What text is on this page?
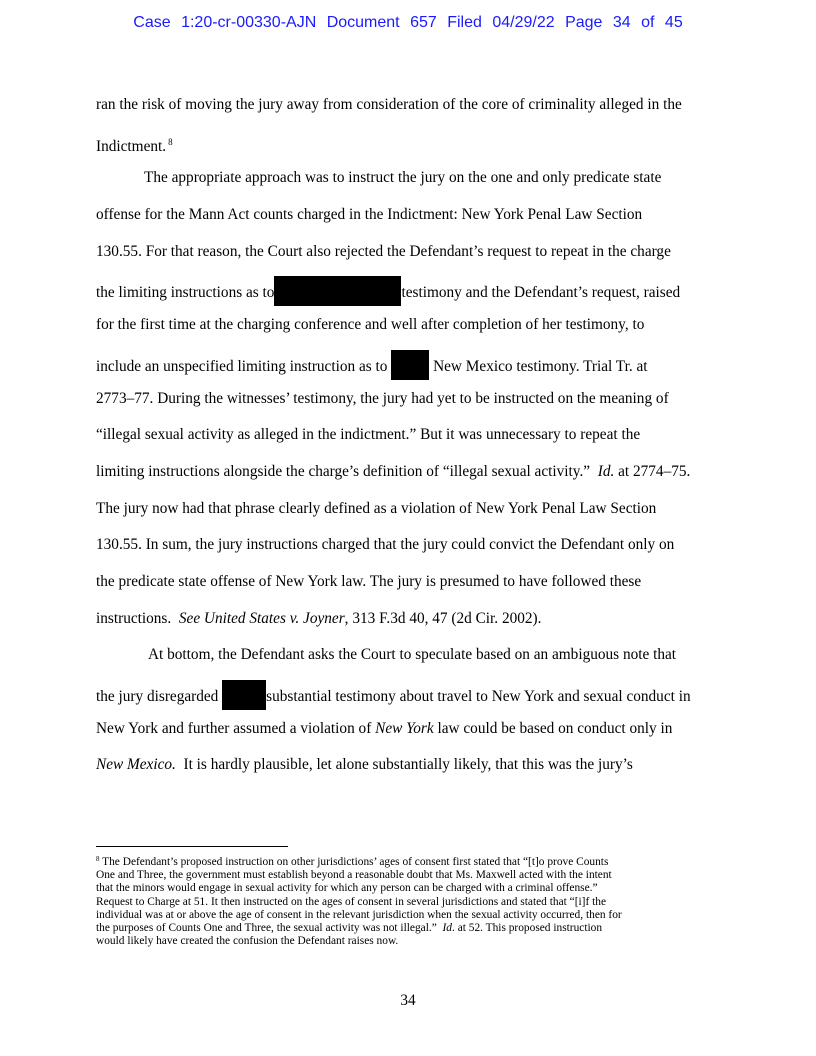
Case 1:20-cr-00330-AJN Document 657 Filed 04/29/22 Page 34 of 45
ran the risk of moving the jury away from consideration of the core of criminality alleged in the
Indictment. $^8$
The appropriate approach was to instruct the jury on the one and only predicate state
offense for the Mann Act counts charged in the Indictment: New York Penal Law Section
130.55. For that reason, the Court also rejected the Defendant’s request to repeat in the charge
the limiting instructions as to	testimony and the Defendant’s request, raised
for the first time at the charging conference and well after completion of her testimony, to
include an unspecified limiting instruction as to	New Mexico testimony. Trial Tr. at
2773–77. During the witnesses’ testimony, the jury had yet to be instructed on the meaning of
“illegal sexual activity as alleged in the indictment.” But it was unnecessary to repeat the
limiting instructions alongside the charge’s definition of “illegal sexual activity.” Id. at 2774–75.
The jury now had that phrase clearly defined as a violation of New York Penal Law Section
130.55. In sum, the jury instructions charged that the jury could convict the Defendant only on
the predicate state offense of New York law. The jury is presumed to have followed these
instructions. See United States v. Joyner, 313 F.3d 40, 47 (2d Cir. 2002).
At bottom, the Defendant asks the Court to speculate based on an ambiguous note that
the jury disregarded	substantial testimony about travel to New York and sexual conduct in
New York and further assumed a violation of New York law could be based on conduct only in
New Mexico. It is hardly plausible, let alone substantially likely, that this was the jury’s
$^8$ The Defendant’s proposed instruction on other jurisdictions’ ages of consent first stated that “[t]o prove Counts
One and Three, the government must establish beyond a reasonable doubt that Ms. Maxwell acted with the intent
that the minors would engage in sexual activity for which any person can be charged with a criminal offense.”
Request to Charge at 51. It then instructed on the ages of consent in several jurisdictions and stated that “[i]f the
individual was at or above the age of consent in the relevant jurisdiction when the sexual activity occurred, then for
the purposes of Counts One and Three, the sexual activity was not illegal.” Id. at 52. This proposed instruction
would likely have created the confusion the Defendant raises now.
34
